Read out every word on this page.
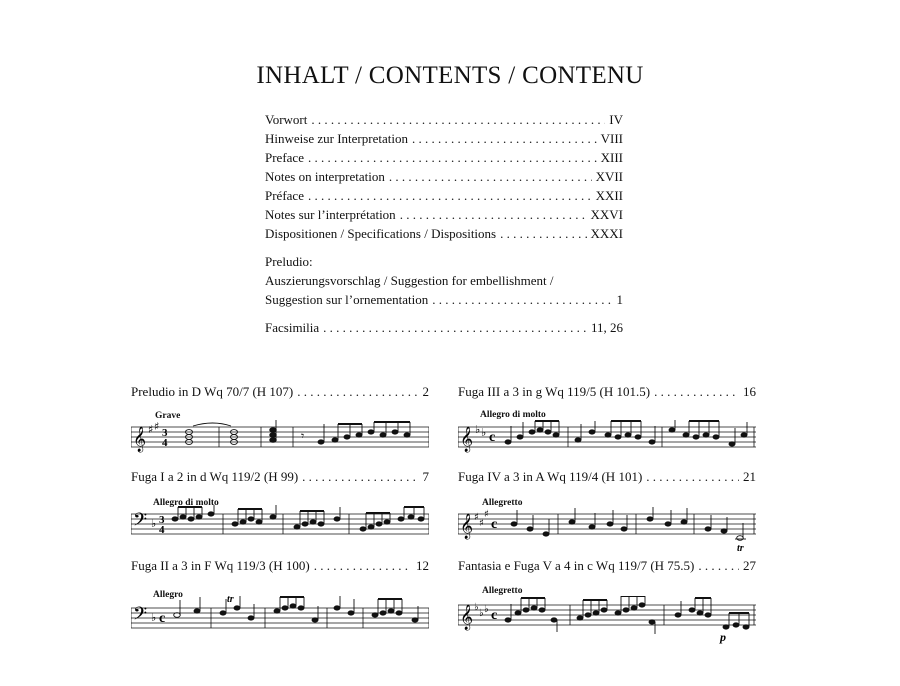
INHALT / CONTENTS / CONTENU
Vorwort . . .	IV
Hinweise zur Interpretation . . .	VIII
Preface . . .	XIII
Notes on interpretation . . .	XVII
Préface . . .	XXII
Notes sur l’interprétation . . .	XXVI
Dispositionen / Specifications / Dispositions . . .	XXXI
Preludio:
Auszierungsvorschlag / Suggestion for embellishment /
Suggestion sur l’ornementation . . .	1
Facsimilia . . .	11, 26
Preludio in D Wq 70/7 (H 107) . . .	2
Grave
𝄞 ♯ ♯ 3
4	𝄾
Fuga III a 3 in g Wq 119/5 (H 101.5) . . .	16
Allegro di molto
𝄞 ♭ ♭ c
Fuga I a 2 in d Wq 119/2 (H 99) . . .	7
Allegro di molto
𝄢 ♭ 3
4
Fuga IV a 3 in A Wq 119/4 (H 101) . . .	21
Allegretto
𝄞 ♯
♯
♯
c
tr
Fuga II a 3 in F Wq 119/3 (H 100) . . .	12
Allegro
𝄢 ♭ c
tr
Fantasia e Fuga V a 4 in c Wq 119/7 (H 75.5) . . .	27
Allegretto
𝄞 ♭
♭ ♭ c
p
